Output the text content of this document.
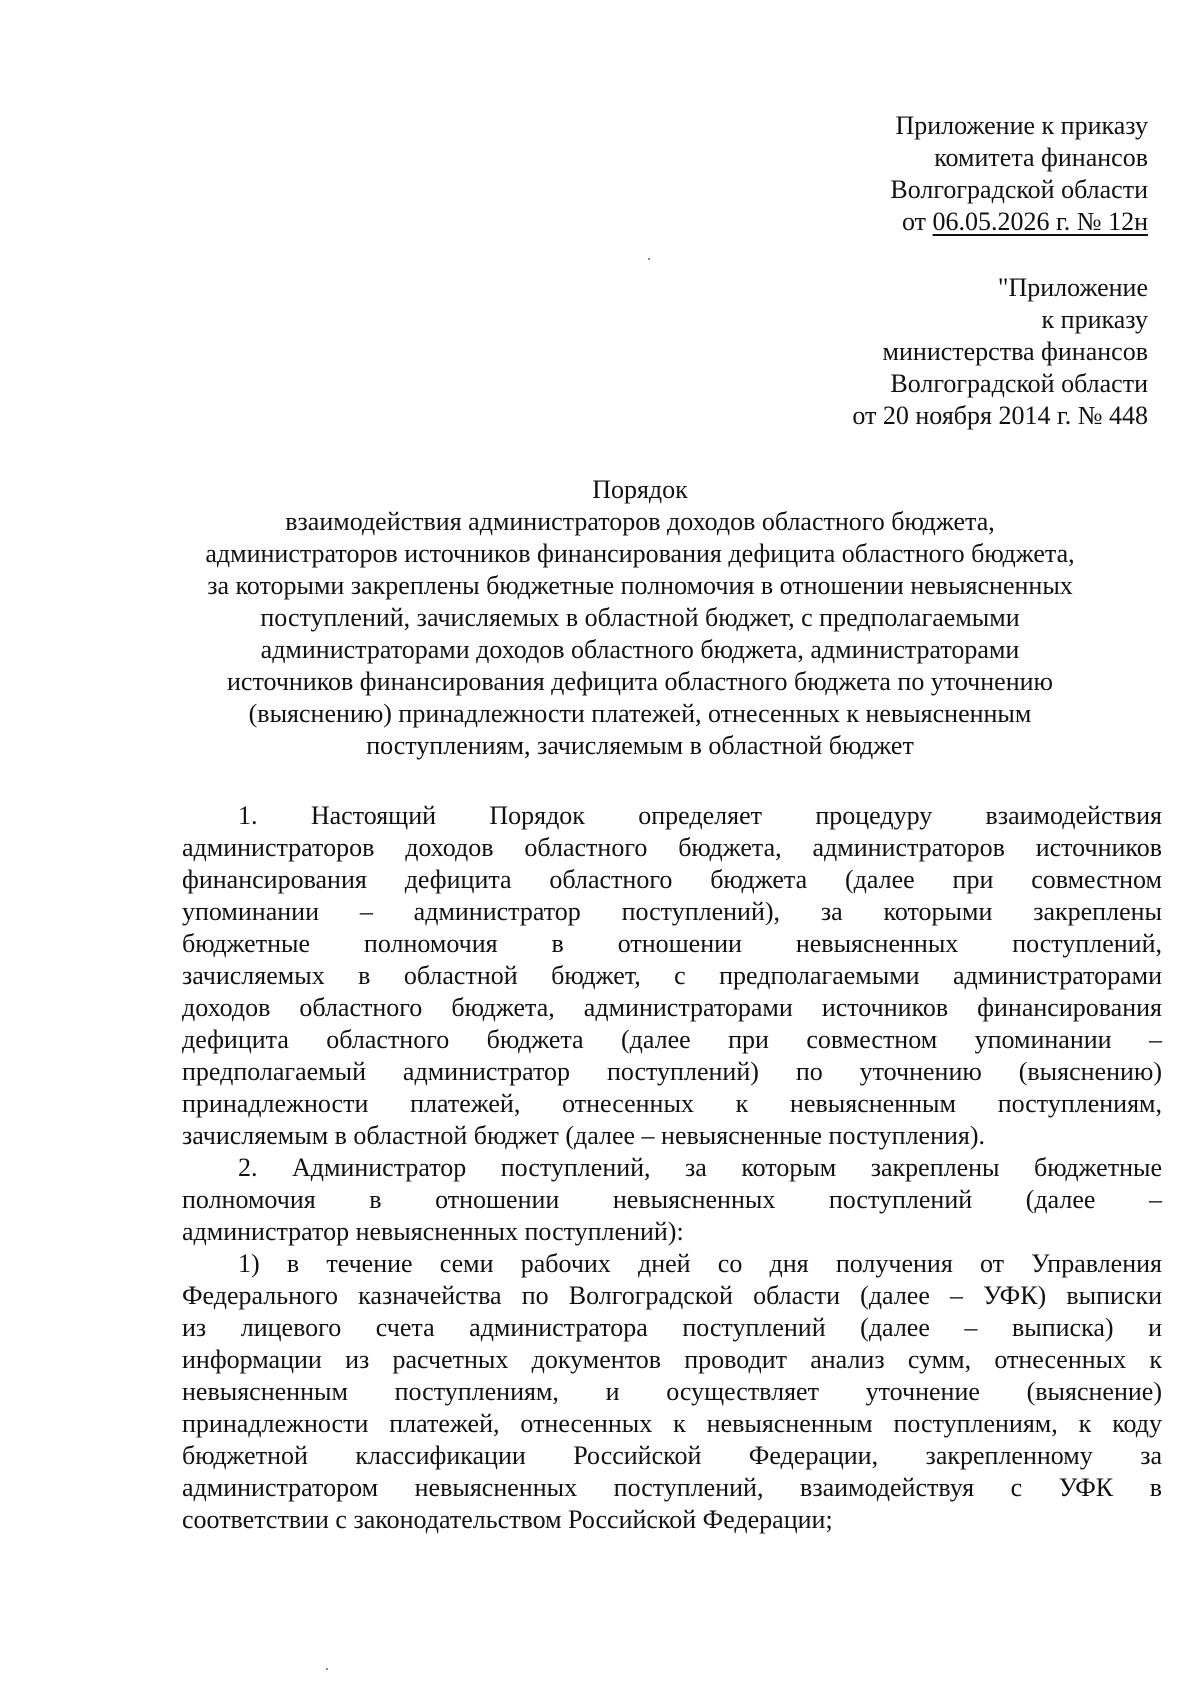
Приложение к приказу
комитета финансов
Волгоградской области
от 06.05.2026 г. № 12н
"Приложение
к приказу
министерства финансов
Волгоградской области
от 20 ноября 2014 г. № 448
Порядок
взаимодействия администраторов доходов областного бюджета,
администраторов источников финансирования дефицита областного бюджета,
за которыми закреплены бюджетные полномочия в отношении невыясненных
поступлений, зачисляемых в областной бюджет, с предполагаемыми
администраторами доходов областного бюджета, администраторами
источников финансирования дефицита областного бюджета по уточнению
(выяснению) принадлежности платежей, отнесенных к невыясненным
поступлениям, зачисляемым в областной бюджет
1. Настоящий Порядок определяет процедуру взаимодействия
администраторов доходов областного бюджета, администраторов источников
финансирования дефицита областного бюджета (далее при совместном
упоминании – администратор поступлений), за которыми закреплены
бюджетные полномочия в отношении невыясненных поступлений,
зачисляемых в областной бюджет, с предполагаемыми администраторами
доходов областного бюджета, администраторами источников финансирования
дефицита областного бюджета (далее при совместном упоминании –
предполагаемый администратор поступлений) по уточнению (выяснению)
принадлежности платежей, отнесенных к невыясненным поступлениям,
зачисляемым в областной бюджет (далее – невыясненные поступления).
2. Администратор поступлений, за которым закреплены бюджетные
полномочия в отношении невыясненных поступлений (далее –
администратор невыясненных поступлений):
1) в течение семи рабочих дней со дня получения от Управления
Федерального казначейства по Волгоградской области (далее – УФК) выписки
из лицевого счета администратора поступлений (далее – выписка) и
информации из расчетных документов проводит анализ сумм, отнесенных к
невыясненным поступлениям, и осуществляет уточнение (выяснение)
принадлежности платежей, отнесенных к невыясненным поступлениям, к коду
бюджетной классификации Российской Федерации, закрепленному за
администратором невыясненных поступлений, взаимодействуя с УФК в
соответствии с законодательством Российской Федерации;
